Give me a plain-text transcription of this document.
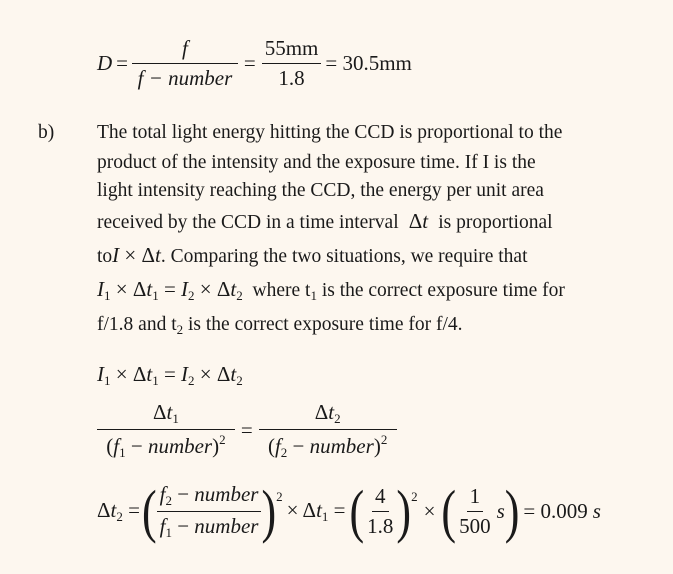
$D = \frac{f}{\text{f − number}} = \frac{55mm}{1.8} = 30.5mm$
b) The total light energy hitting the CCD is proportional to the
product of the intensity and the exposure time. If I is the
light intensity reaching the CCD, the energy per unit area
received by the CCD in a time interval  Δt is proportional
toI × Δt. Comparing the two situations, we require that
$I_1 \times \Delta t_1 = I_2 \times \Delta t_2$ where $t_1$ is the correct exposure time for
f/1.8 and $t_2$ is the correct exposure time for f/4.
$I_1 \times \Delta t_1 = I_2 \times \Delta t_2$
$\frac{\Delta t_1}{(f_1 - number)^2} = \frac{\Delta t_2}{(f_2 - number)^2}$
$\Delta t_2$ = ( $\frac{f_2 - number}{f_1 - number} )^2$
× $\Delta t_1$ = ( $\frac{4}{1.8} )^2$
× ( $\frac{1}{500}$ s ) = 0.009 s
